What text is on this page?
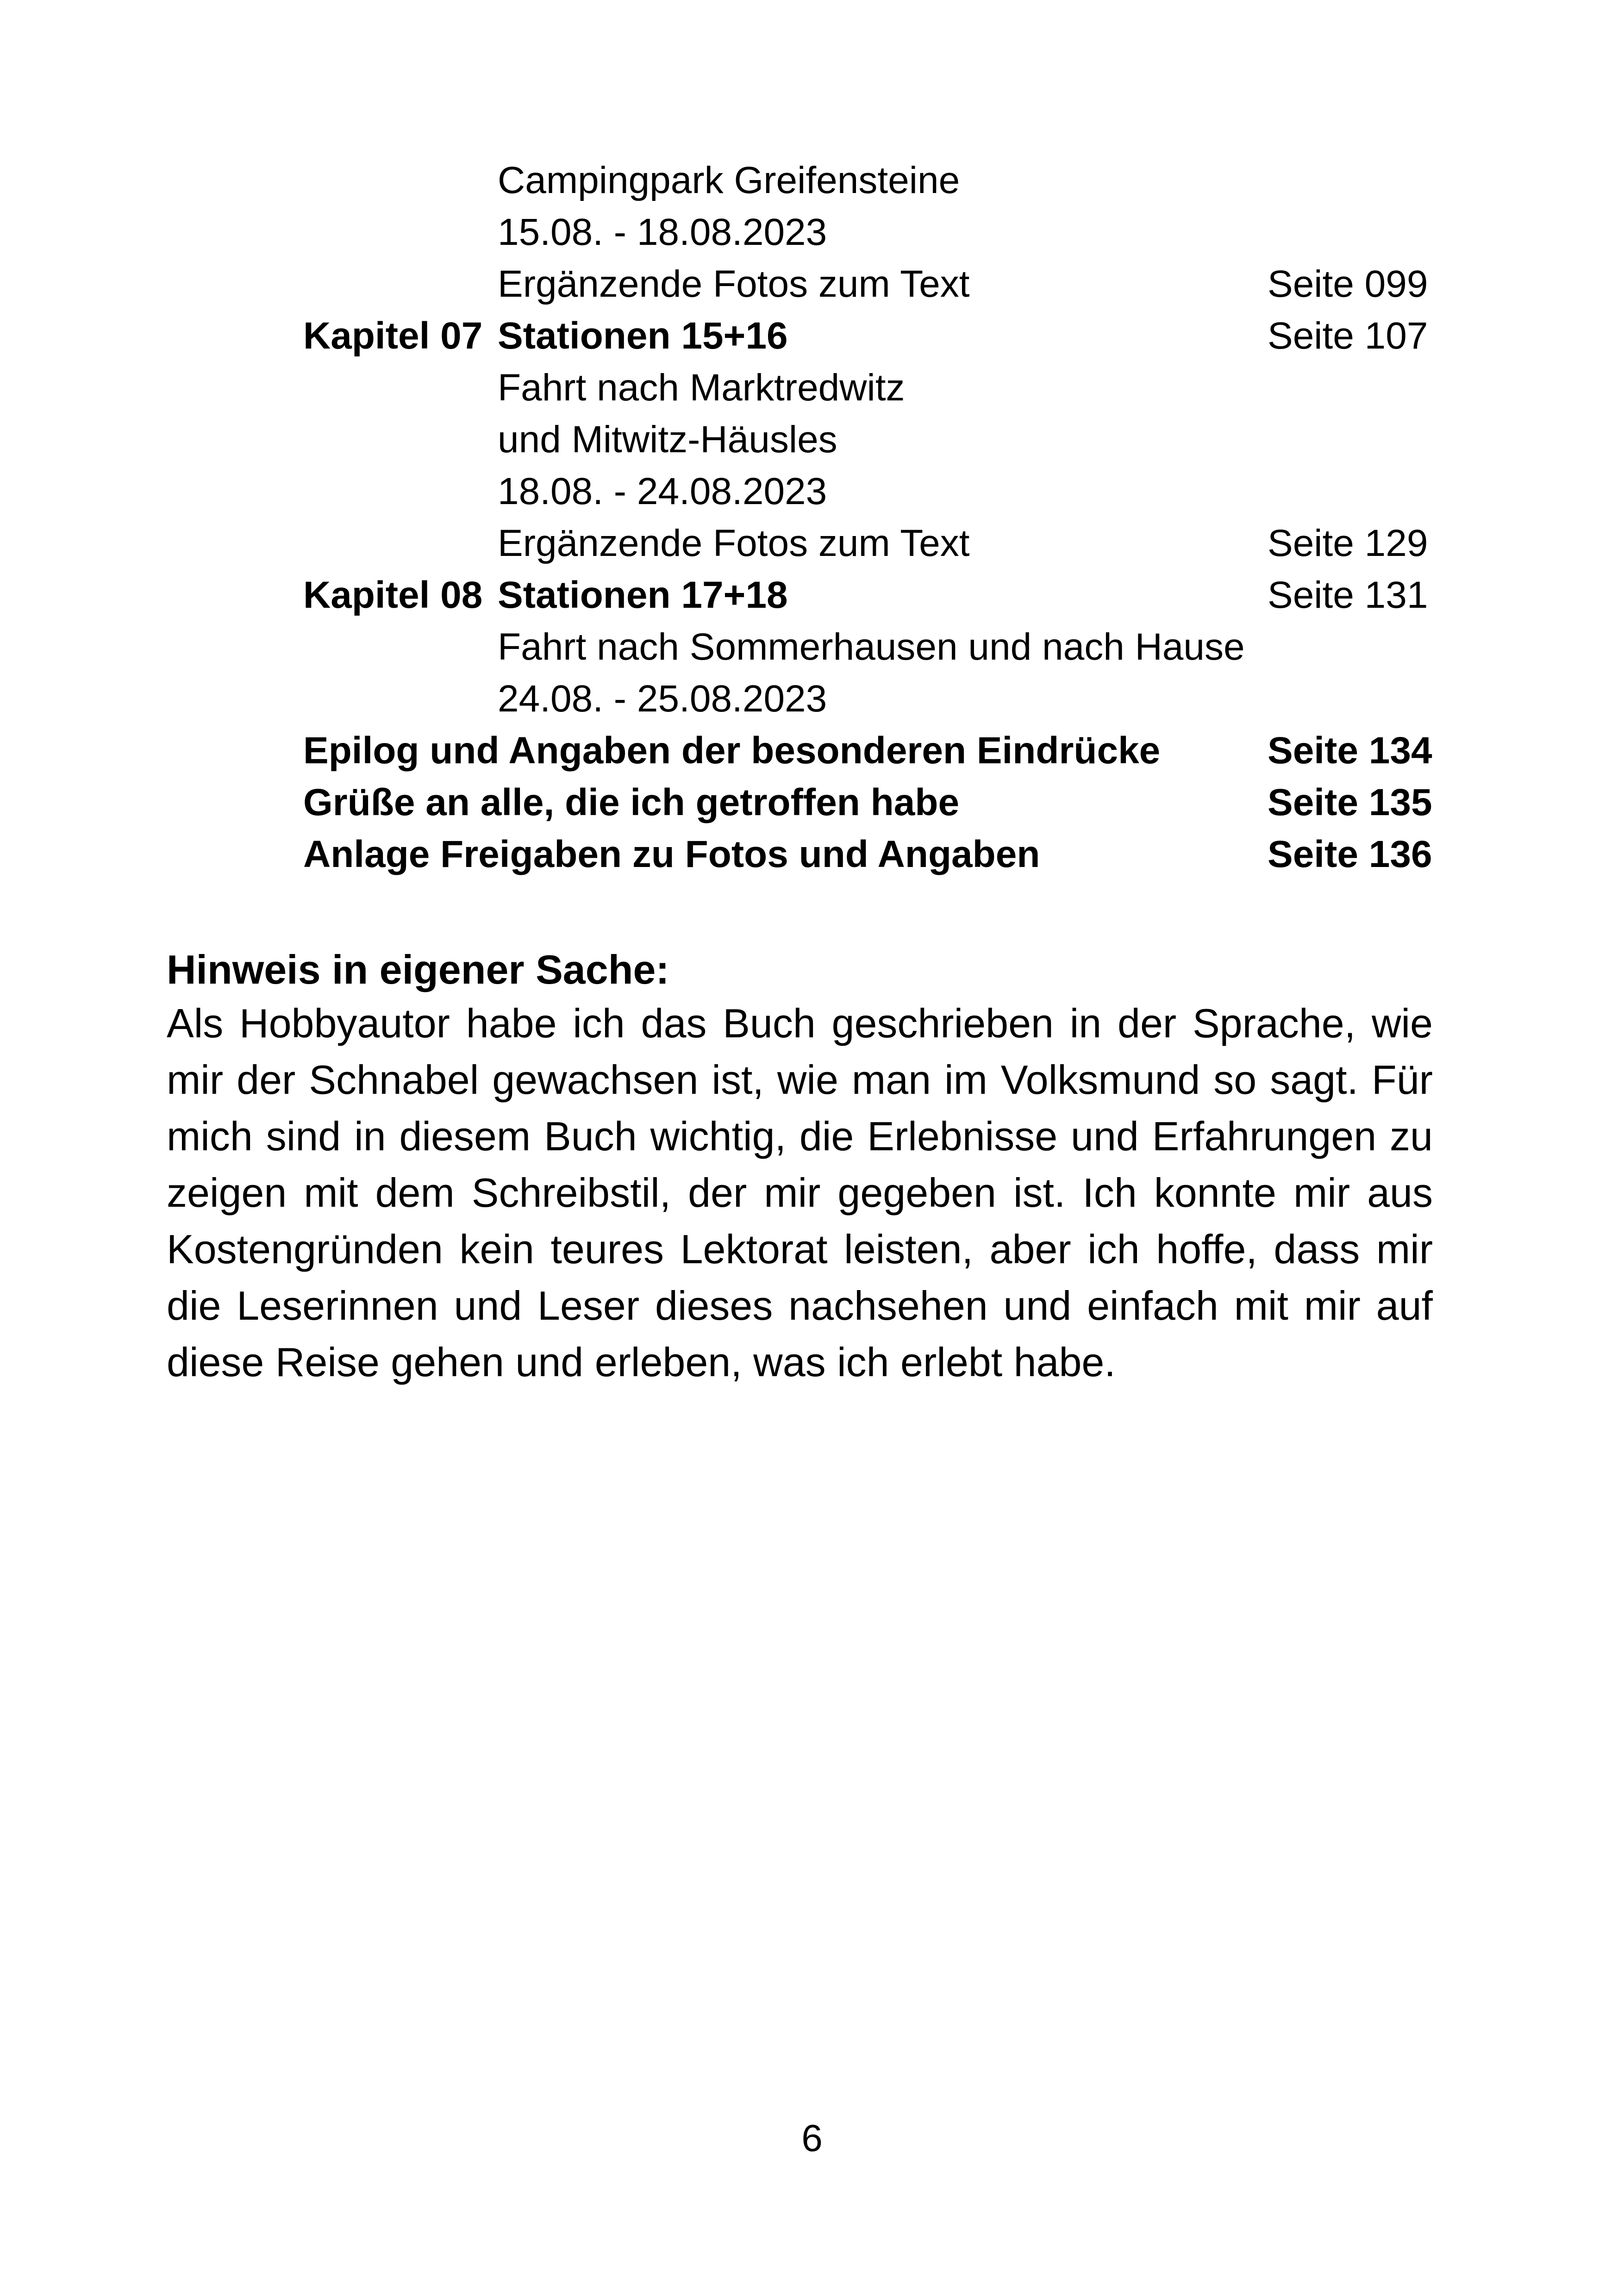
Campingpark Greifensteine
15.08. - 18.08.2023
Ergänzende Fotos zum Text	Seite 099
Kapitel 07 Stationen 15+16	Seite 107
Fahrt nach Marktredwitz
und Mitwitz-Häusles
18.08. - 24.08.2023
Ergänzende Fotos zum Text	Seite 129
Kapitel 08 Stationen 17+18	Seite 131
Fahrt nach Sommerhausen und nach Hause
24.08. - 25.08.2023
Epilog und Angaben der besonderen Eindrücke	Seite 134
Grüße an alle, die ich getroffen habe	Seite 135
Anlage Freigaben zu Fotos und Angaben	Seite 136
Hinweis in eigener Sache:
Als Hobbyautor habe ich das Buch geschrieben in der Sprache, wie mir der Schnabel gewachsen ist, wie man im Volksmund so sagt. Für mich sind in diesem Buch wichtig, die Erlebnisse und Erfahrungen zu zeigen mit dem Schreibstil, der mir gegeben ist. Ich konnte mir aus Kostengründen kein teures Lektorat leisten, aber ich hoffe, dass mir die Leserinnen und Leser dieses nachsehen und einfach mit mir auf diese Reise gehen und erleben, was ich erlebt habe.
6
